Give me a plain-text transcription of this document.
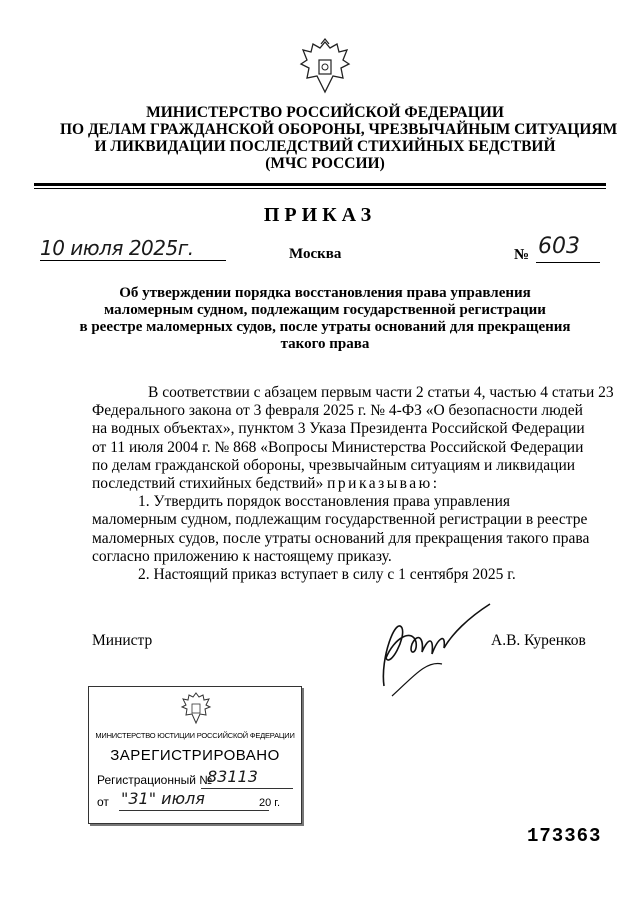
МИНИСТЕРСТВО РОССИЙСКОЙ ФЕДЕРАЦИИ
ПО ДЕЛАМ ГРАЖДАНСКОЙ ОБОРОНЫ, ЧРЕЗВЫЧАЙНЫМ СИТУАЦИЯМ
И ЛИКВИДАЦИИ ПОСЛЕДСТВИЙ СТИХИЙНЫХ БЕДСТВИЙ
(МЧС РОССИИ)
ПРИКАЗ
10 июля 2025г.	Москва	№ 603
Об утверждении порядка восстановления права управления
маломерным судном, подлежащим государственной регистрации
в реестре маломерных судов, после утраты оснований для прекращения
такого права
В соответствии с абзацем первым части 2 статьи 4, частью 4 статьи 23
Федерального закона от 3 февраля 2025 г. № 4-ФЗ «О безопасности людей
на водных объектах», пунктом 3 Указа Президента Российской Федерации
от 11 июля 2004 г. № 868 «Вопросы Министерства Российской Федерации
по делам гражданской обороны, чрезвычайным ситуациям и ликвидации
последствий стихийных бедствий» приказываю:
1. Утвердить порядок восстановления права управления
маломерным судном, подлежащим государственной регистрации в реестре
маломерных судов, после утраты оснований для прекращения такого права
согласно приложению к настоящему приказу.
2. Настоящий приказ вступает в силу с 1 сентября 2025 г.
Министр	А.В. Куренков
МИНИСТЕРСТВО ЮСТИЦИИ РОССИЙСКОЙ ФЕДЕРАЦИИ
ЗАРЕГИСТРИРОВАНО
Регистрационный №
83113
от "31" июля	20 г.
173363
